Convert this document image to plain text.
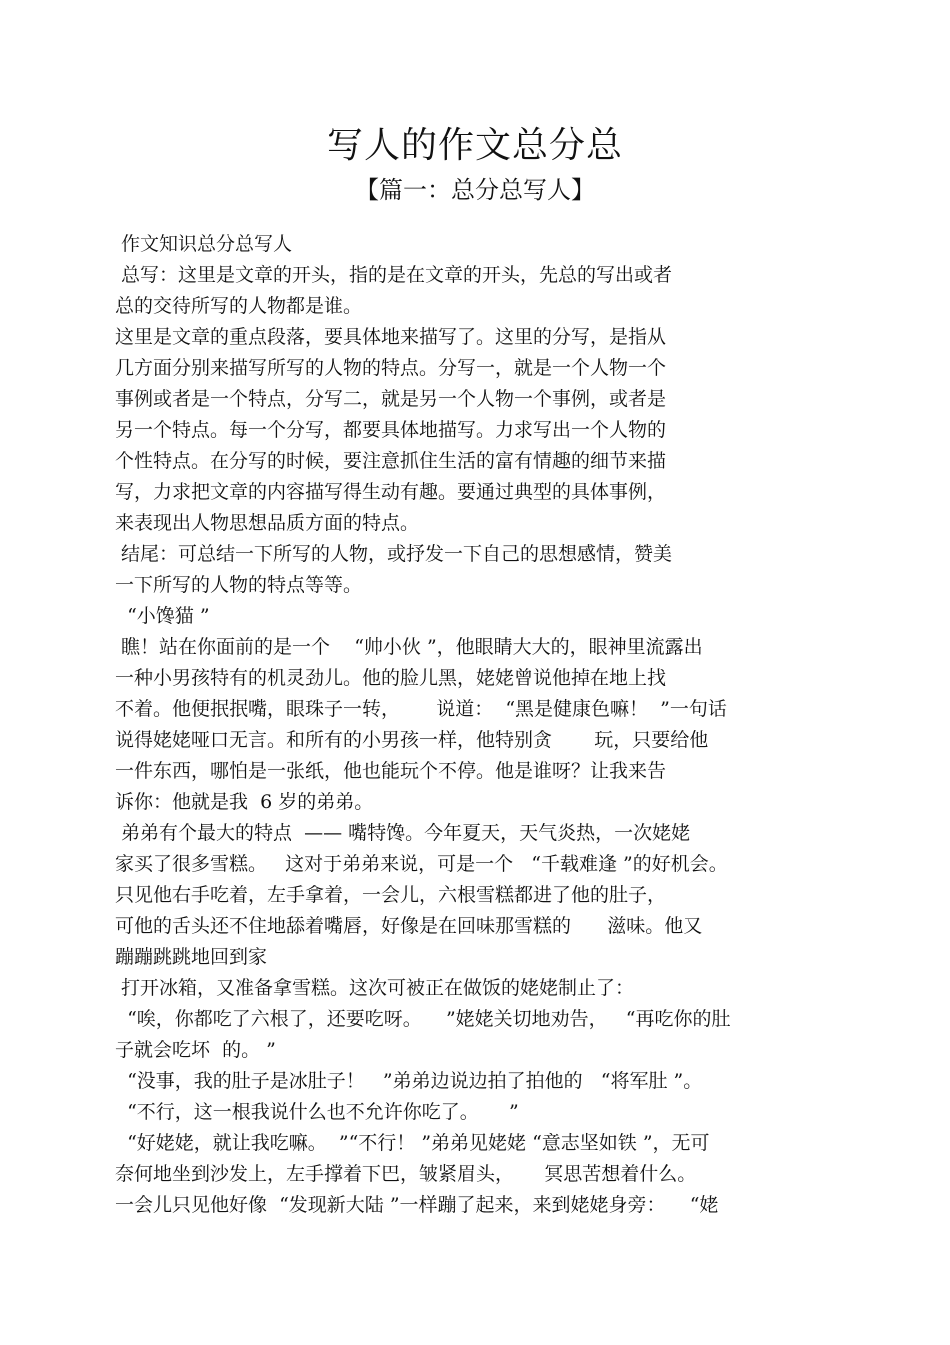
写人的作文总分总
【篇一：总分总写人】
作文知识总分总写人
总写：这里是文章的开头，指的是在文章的开头，先总的写出或者
总的交待所写的人物都是谁。
这里是文章的重点段落，要具体地来描写了。这里的分写，是指从
几方面分别来描写所写的人物的特点。分写一，就是一个人物一个
事例或者是一个特点，分写二，就是另一个人物一个事例，或者是
另一个特点。每一个分写，都要具体地描写。力求写出一个人物的
个性特点。在分写的时候，要注意抓住生活的富有情趣的细节来描
写，力求把文章的内容描写得生动有趣。要通过典型的具体事例，
来表现出人物思想品质方面的特点。
结尾：可总结一下所写的人物，或抒发一下自己的思想感情，赞美
一下所写的人物的特点等等。
“小馋猫 ”
瞧！站在你面前的是一个    “帅小伙 ”，他眼睛大大的，眼神里流露出
一种小男孩特有的机灵劲儿。他的脸儿黑，姥姥曾说他掉在地上找
不着。他便抿抿嘴，眼珠子一转，      说道：  “黑是健康色嘛！  ”一句话
说得姥姥哑口无言。和所有的小男孩一样，他特别贪       玩，只要给他
一件东西，哪怕是一张纸，他也能玩个不停。他是谁呀？让我来告
诉你：他就是我  6 岁的弟弟。
弟弟有个最大的特点  —— 嘴特馋。今年夏天，天气炎热，一次姥姥
家买了很多雪糕。   这对于弟弟来说，可是一个   “千载难逢 ”的好机会。
只见他右手吃着，左手拿着，一会儿，六根雪糕都进了他的肚子，
可他的舌头还不住地舔着嘴唇，好像是在回味那雪糕的      滋味。他又
蹦蹦跳跳地回到家
打开冰箱，又准备拿雪糕。这次可被正在做饭的姥姥制止了：
“唉，你都吃了六根了，还要吃呀。    ”姥姥关切地劝告，   “再吃你的肚
子就会吃坏  的。 ”
“没事，我的肚子是冰肚子！   ”弟弟边说边拍了拍他的   “将军肚 ”。
“不行，这一根我说什么也不允许你吃了。     ”
“好姥姥，就让我吃嘛。  ”“不行！ ”弟弟见姥姥 “意志坚如铁 ”，无可
奈何地坐到沙发上，左手撑着下巴，皱紧眉头，     冥思苦想着什么。
一会儿只见他好像  “发现新大陆 ”一样蹦了起来，来到姥姥身旁：    “姥
